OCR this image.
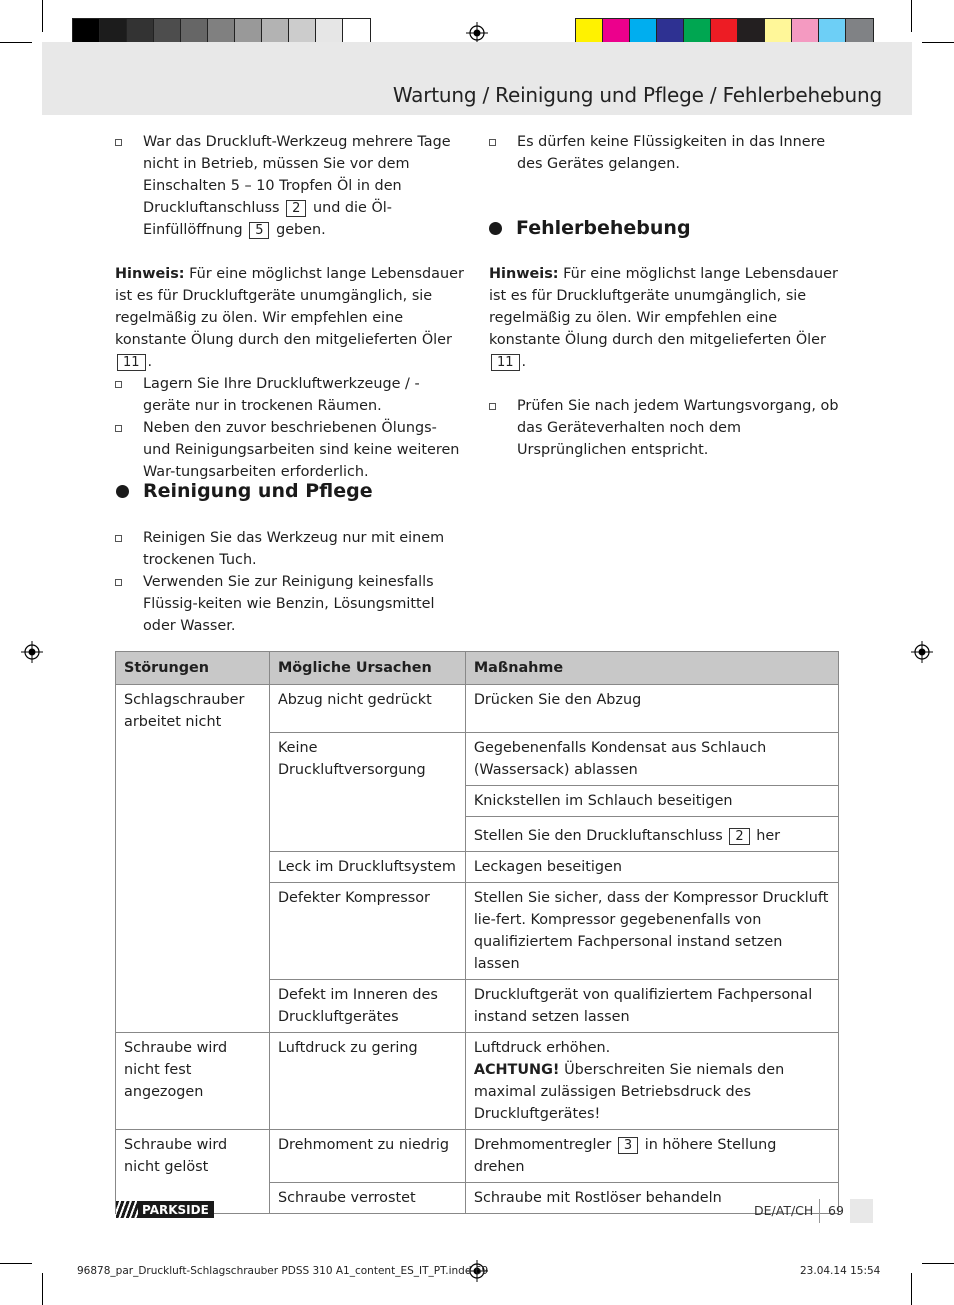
Wartung / Reinigung und Pflege / Fehlerbehebung
War das Druckluft-Werkzeug mehrere Tage nicht in Betrieb, müssen Sie vor dem Einschalten 5 – 10 Tropfen Öl in den Druckluftanschluss 2 und die Öl-Einfüllöffnung 5 geben.
Hinweis: Für eine möglichst lange Lebensdauer ist es für Druckluftgeräte unumgänglich, sie regelmäßig zu ölen. Wir empfehlen eine konstante Ölung durch den mitgelieferten Öler11 .
Lagern Sie Ihre Druckluftwerkzeuge / -geräte nur in trockenen Räumen.
Neben den zuvor beschriebenen Ölungs- und Reinigungsarbeiten sind keine weiteren War-tungsarbeiten erforderlich.
Reinigung und Pflege
Reinigen Sie das Werkzeug nur mit einem trockenen Tuch.
Verwenden Sie zur Reinigung keinesfalls Flüssig-keiten wie Benzin, Lösungsmittel oder Wasser.
Es dürfen keine Flüssigkeiten in das Innere des Gerätes gelangen.
Fehlerbehebung
Hinweis: Für eine möglichst lange Lebensdauer ist es für Druckluftgeräte unumgänglich, sie regelmäßig zu ölen. Wir empfehlen eine konstante Ölung durch den mitgelieferten Öler11 .
Prüfen Sie nach jedem Wartungsvorgang, ob das Geräteverhalten noch dem Ursprünglichen entspricht.
Störungen	Mögliche Ursachen	Maßnahme
Schlagschrauber arbeitet nicht	Abzug nicht gedrückt	Drücken Sie den Abzug
	Keine Druckluftversorgung	Gegebenenfalls Kondensat aus Schlauch (Wassersack) ablassen
		Knickstellen im Schlauch beseitigen
		Stellen Sie den Druckluftanschluss 2 her
	Leck im Druckluftsystem	Leckagen beseitigen
	Defekter Kompressor	Stellen Sie sicher, dass der Kompressor Druckluft lie-fert. Kompressor gegebenenfalls von qualifiziertem Fachpersonal instand setzen lassen
	Defekt im Inneren des Druckluftgerätes	Druckluftgerät von qualifiziertem Fachpersonal instand setzen lassen
Schraube wird nicht fest angezogen	Luftdruck zu gering	Luftdruck erhöhen.
ACHTUNG! Überschreiten Sie niemals den maximal zulässigen Betriebsdruck des Druckluftgerätes!
Schraube wird nicht gelöst	Drehmoment zu niedrig	Drehmomentregler 3 in höhere Stellung drehen
	Schraube verrostet	Schraube mit Rostlöser behandeln
PARKSIDE	DE/AT/CH 69
96878_par_Druckluft-Schlagschrauber PDSS 310 A1_content_ES_IT_PT.indd 69	23.04.14 15:54
